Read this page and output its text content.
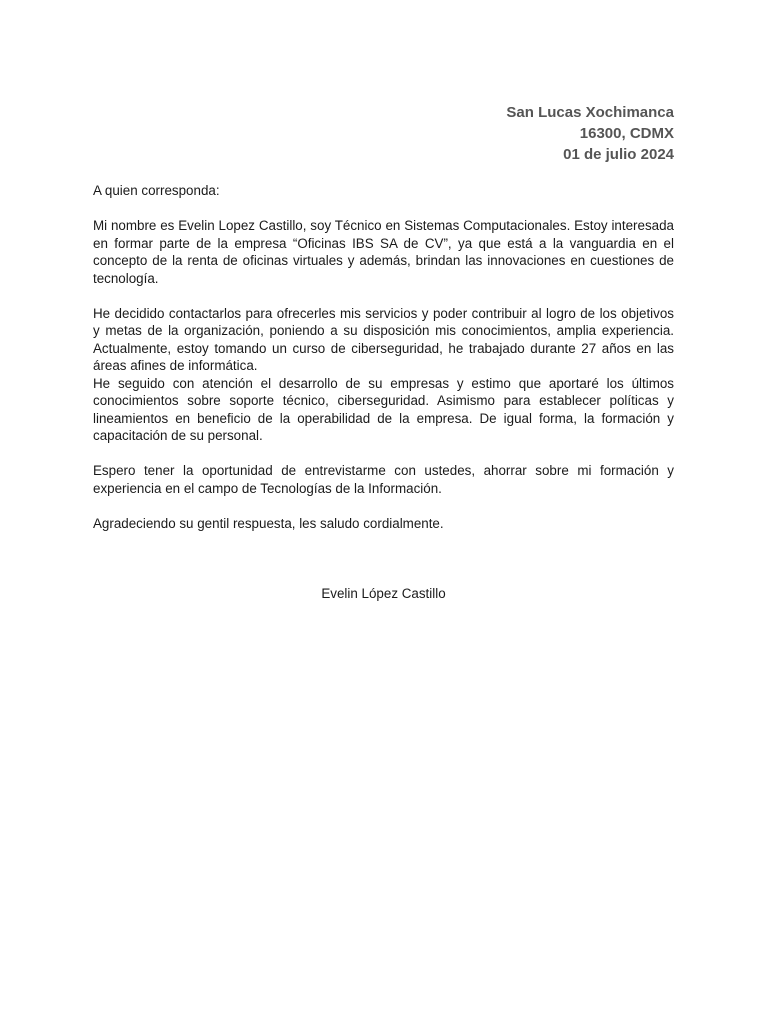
San Lucas Xochimanca
16300, CDMX
01 de julio 2024

A quien corresponda:

Mi nombre es Evelin Lopez Castillo, soy Técnico en Sistemas Computacionales. Estoy interesada en formar parte de la empresa “Oficinas IBS SA de CV”, ya que está a la vanguardia en el concepto de la renta de oficinas virtuales y además, brindan las innovaciones en cuestiones de tecnología.

He decidido contactarlos para ofrecerles mis servicios y poder contribuir al logro de los objetivos y metas de la organización, poniendo a su disposición mis conocimientos, amplia experiencia. Actualmente, estoy tomando un curso de ciberseguridad, he trabajado durante 27 años en las áreas afines de informática.

He seguido con atención el desarrollo de su empresas y estimo que aportaré los últimos conocimientos sobre soporte técnico, ciberseguridad. Asimismo para establecer políticas y lineamientos en beneficio de la operabilidad de la empresa. De igual forma, la formación y capacitación de su personal.

Espero tener la oportunidad de entrevistarme con ustedes, ahorrar sobre mi formación y experiencia en el campo de Tecnologías de la Información.

Agradeciendo su gentil respuesta, les saludo cordialmente.

Evelin López Castillo
